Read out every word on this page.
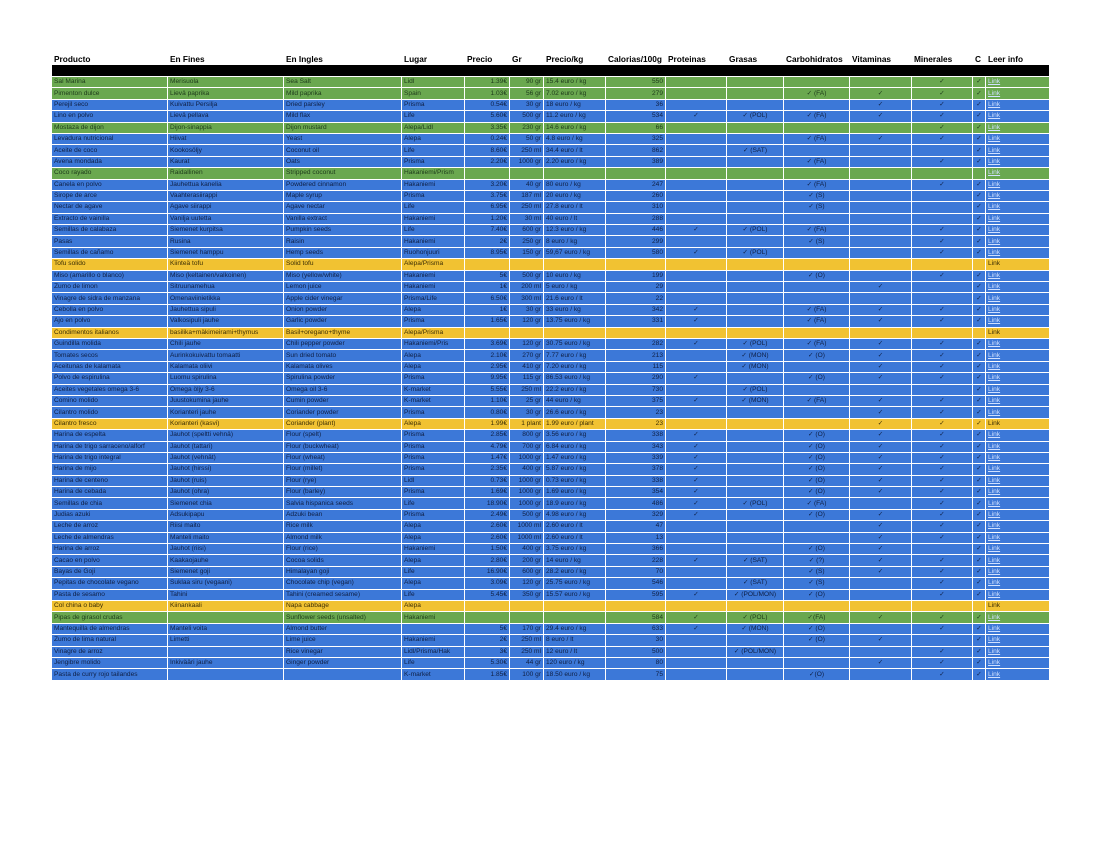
Producto	En Fines	En Ingles	Lugar	Precio	Gr	Precio/kg	Calorias/100g	Proteinas	Grasas	Carbohidratos	Vitaminas	Minerales	C	Leer info

Sal Marina	Merisuola	Sea Salt	Lidl	1.39€	90 gr	15.4 euro / kg	550					✓	✓	Link
Pimenton dulce	Lievä paprika	Mild paprika	Spain	1.03€	56 gr	7.02 euro / kg	279			✓ (FA)	✓	✓	✓	Link
Perejil seco	Kuivattu Persilja	Dried parsley	Prisma	0.54€	30 gr	18 euro / kg	36				✓	✓	✓	Link
Lino en polvo	Lievä pellava	Mild flax	Life	5.60€	500 gr	11.2 euro / kg	534	✓	✓ (POL)	✓ (FA)	✓	✓	✓	Link
Mostaza de dijon	Dijon-sinappia	Dijon mustard	Alepa/Lidl	3.35€	230 gr	14.6 euro / kg	66					✓	✓	Link
Levadura nutricional	Hiivat	Yeast	Alepa	0.24€	50 gr	4.8 euro / kg	325			✓ (FA)	✓	✓	✓	Link
Aceite de coco	Kookosöljy	Coconut oil	Life	8.60€	250 ml	34.4 euro / lt	862		✓ (SAT)				✓	Link
Avena mondada	Kaurat	Oats	Prisma	2.20€	1000 gr	2.20 euro / kg	389			✓ (FA)		✓	✓	Link
Coco rayado	Raidallinen	Stripped coconut	Hakaniemi/Prism											Link
Canela en polvo	Jauhettua kanelia	Powdered cinnamon	Hakaniemi	3.20€	40 gr	80 euro / kg	247			✓ (FA)		✓	✓	Link
Sirope de arce	Vaahterasiirappi	Maple syrup	Prisma	3.75€	187 ml	20 euro / kg	260			✓ (S)			✓	Link
Nectar de agave	Agave siirappi	Agave nectar	Life	6.95€	250 ml	27.8 euro / lt	310			✓ (S)			✓	Link
Extracto de vainilla	Vanilja uutetta	Vanilla extract	Hakaniemi	1.20€	30 ml	40 euro / lt	288						✓	Link
Semillas de calabaza	Siemenet kurpitsa	Pumpkin seeds	Life	7.40€	600 gr	12.3 euro / kg	446	✓	✓ (POL)	✓ (FA)		✓	✓	Link
Pasas	Rusina	Raisin	Hakaniemi	2€	250 gr	8 euro / kg	299			✓ (S)		✓	✓	Link
Semillas de cañamo	Siemenet hamppu	Hemp seeds	Ruohonjuuri	8.95€	150 gr	59,67 euro / kg	580	✓	✓ (POL)			✓	✓	Link
Tofu solido	Kiinteä tofu	Solid tofu	Alepa/Prisma											Link
Miso (amarillo o blanco)	Miso (keltainen/valkoinen)	Miso (yellow/white)	Hakaniemi	5€	500 gr	10 euro / kg	199			✓ (O)		✓	✓	Link
Zumo de limon	Sitruunamehua	Lemon juice	Hakaniemi	1€	200 ml	5 euro / kg	29				✓		✓	Link
Vinagre de sidra de manzana	Omenaviinietikka	Apple cider vinegar	Prisma/Life	6.50€	300 ml	21.6 euro / lt	22						✓	Link
Cebolla en polvo	Jauhettua sipuli	Onion powder	Alepa	1€	30 gr	33 euro / kg	342	✓		✓ (FA)	✓	✓	✓	Link
Ajo en polvo	Valkosipuli jauhe	Garlic powder	Prisma	1.65€	120 gr	13.75 euro / kg	331	✓		✓ (FA)	✓	✓	✓	Link
Condimentos italianos	basilika+mäkimeirami+thymus	Basil+oregano+thyme	Alepa/Prisma											Link
Guindilla molida	Chili jauhe	Chili pepper powder	Hakaniemi/Pris	3.69€	120 gr	30.75 euro / kg	282	✓	✓ (POL)	✓ (FA)	✓	✓	✓	Link
Tomates secos	Aurinkokuivattu tomaatti	Sun dried tomato	Alepa	2.10€	270 gr	7.77 euro / kg	213		✓ (MON)	✓ (O)	✓	✓	✓	Link
Aceitunas de kalamata	Kalamata oliivi	Kalamata olives	Alepa	2.95€	410 gr	7.20 euro / kg	115		✓ (MON)		✓	✓	✓	Link
Polvo de espirulina	Luomu spirulina	Spirulina powder	Prisma	9.95€	115 gr	86.53 euro / kg	290	✓		✓ (O)	✓	✓	✓	Link
Aceites vegetales omega 3-6	Omega öljy 3-6	Omega oil 3-6	K-market	5.55€	250 ml	22.2 euro / kg	730		✓ (POL)				✓	Link
Comino molido	Juustokumina jauhe	Cumin powder	K-market	1.10€	25 gr	44 euro / kg	375	✓	✓ (MON)	✓ (FA)	✓	✓	✓	Link
Cilantro molido	Korianteri jauhe	Coriander powder	Prisma	0.80€	30 gr	26.6 euro / kg	23				✓	✓	✓	Link
Cilantro fresco	Korianteri (kasvi)	Coriander (plant)	Alepa	1.99€	1 plant	1.99 euro / plant	23				✓	✓	✓	Link
Harina de espelta	Jauhot (speltti vehnä)	Flour (spelt)	Prisma	2.85€	800 gr	3.56 euro / kg	338	✓		✓ (O)	✓	✓	✓	Link
Harina de trigo sarraceno/alforf	Jauhot (tattari)	Flour (buckwheat)	Prisma	4.79€	700 gr	6.84 euro / kg	343	✓		✓ (O)	✓	✓	✓	Link
Harina de trigo integral	Jauhot (vehnät)	Flour (wheat)	Prisma	1.47€	1000 gr	1.47 euro / kg	339	✓		✓ (O)	✓	✓	✓	Link
Harina de mijo	Jauhot (hirssi)	Flour (millet)	Prisma	2.35€	400 gr	5.87 euro / kg	378	✓		✓ (O)	✓	✓	✓	Link
Harina de centeno	Jauhot (ruis)	Flour (rye)	Lidl	0.73€	1000 gr	0.73 euro / kg	338	✓		✓ (O)	✓	✓	✓	Link
Harina de cebada	Jauhot (ohra)	Flour (barley)	Prisma	1.69€	1000 gr	1.69 euro / kg	354	✓		✓ (O)	✓	✓	✓	Link
Semillas de chia	Siemenet chia	Salvia hispanica seeds	Life	18.90€	1000 gr	18.9 euro / kg	486	✓	✓ (POL)	✓ (FA)		✓	✓	Link
Judias azuki	Adsukipapu	Adzuki bean	Prisma	2.49€	500 gr	4.98 euro / kg	329	✓		✓ (O)	✓	✓	✓	Link
Leche de arroz	Riisi maito	Rice milk	Alepa	2.60€	1000 ml	2.60 euro / lt	47				✓	✓	✓	Link
Leche de almendras	Manteli maito	Almond milk	Alepa	2.60€	1000 ml	2.60 euro / lt	13				✓	✓	✓	Link
Harina de arroz	Jauhot (riisi)	Flour (rice)	Hakaniemi	1.50€	400 gr	3.75 euro / kg	366			✓ (O)	✓		✓	Link
Cacao en polvo	Kaakaojauhe	Cocoa solids	Alepa	2.80€	200 gr	14 euro / kg	228	✓	✓ (SAT)	✓ (?)	✓	✓	✓	Link
Bayas de Goji	Siemenet goji	Himalayan goji	Life	16.90€	600 gr	28.2 euro / kg	70			✓ (S)	✓	✓	✓	Link
Pepitas de chocolate vegano	Suklaa siru (vegaani)	Chocolate chip (vegan)	Alepa	3.09€	120 gr	25.75 euro / kg	546		✓ (SAT)	✓ (S)		✓	✓	Link
Pasta de sesamo	Tahini	Tahini (creamed sesame)	Life	5.45€	350 gr	15.57 euro / kg	595	✓	✓ (POL/MON)	✓ (O)		✓	✓	Link
Col china o baby	Kiinankaali	Napa cabbage	Alepa											Link
Pipas de girasol crudas		Sunflower seeds (unsalted)	Hakaniemi				584	✓	✓ (POL)	✓(FA)	✓	✓	✓	Link
Mantequilla de almendras	Manteli voita	Almond butter		5€	170 gr	29.4 euro / kg	633	✓	✓ (MON)	✓ (O)		✓	✓	Link
Zumo de lima natural	Limetti	Lime juice	Hakaniemi	2€	250 ml	8 euro / lt	30			✓ (O)	✓		✓	Link
Vinagre de arroz		Rice vinegar	Lidl/Prisma/Hak	3€	250 ml	12 euro / lt	500		✓ (POL/MON)			✓	✓	Link
Jengibre molido	Inkivääri jauhe	Ginger powder	Life	5.30€	44 gr	120 euro / kg	80				✓	✓	✓	Link
Pasta de curry rojo tailandes			K-market	1.85€	100 gr	18.50 euro / kg	75			✓(O)		✓	✓	Link
